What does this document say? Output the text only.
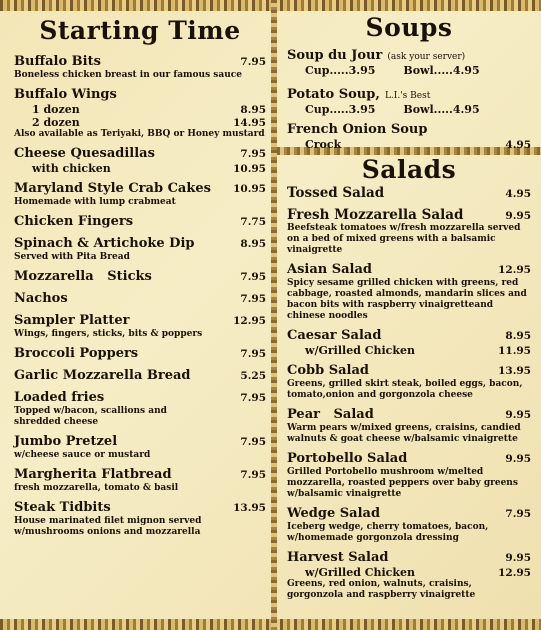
Starting Time
Buffalo Bits	7.95
Boneless chicken breast in our famous sauce
Buffalo Wings
1 dozen	8.95
2 dozen	14.95
Also available as Teriyaki, BBQ or Honey mustard
Cheese Quesadillas	7.95
with chicken	10.95
Maryland Style Crab Cakes 10.95
Homemade with lump crabmeat
Chicken Fingers	7.75
Spinach & Artichoke Dip	8.95
Served with Pita Bread
Mozzarella   Sticks	7.95
Nachos	7.95
Sampler Platter	12.95
Wings, fingers, sticks, bits & poppers
Broccoli Poppers	7.95
Garlic Mozzarella Bread	5.25
Loaded fries	7.95
Topped w/bacon, scallions and shredded cheese
Jumbo Pretzel	7.95
w/cheese sauce or mustard
Margherita Flatbread	7.95
fresh mozzarella, tomato & basil
Steak Tidbits	13.95
House marinated filet mignon served w/mushrooms onions and mozzarella
Soups
Soup du Jour
(ask your server)
Cup.....3.95	Bowl.....4.95
Potato Soup,
L.I.'s Best
Cup.....3.95	Bowl.....4.95
French Onion Soup
Crock	4.95
Salads
Tossed Salad	4.95
Fresh Mozzarella Salad	9.95
Beefsteak tomatoes w/fresh mozzarella served on a bed of mixed greens with a balsamic vinaigrette
Asian Salad	12.95
Spicy sesame grilled chicken with greens, red cabbage, roasted almonds, mandarin slices and bacon bits with raspberry vinaigretteand chinese noodles
Caesar Salad	8.95
w/Grilled Chicken	11.95
Cobb Salad	13.95
Greens, grilled skirt steak, boiled eggs, bacon, tomato,onion and gorgonzola cheese
Pear   Salad	9.95
Warm pears w/mixed greens, craisins, candied walnuts & goat cheese w/balsamic vinaigrette
Portobello Salad	9.95
Grilled Portobello mushroom w/melted mozzarella, roasted peppers over baby greens w/balsamic vinaigrette
Wedge Salad	7.95
Iceberg wedge, cherry tomatoes, bacon, w/homemade gorgonzola dressing
Harvest Salad	9.95
w/Grilled Chicken	12.95
Greens, red onion, walnuts, craisins, gorgonzola and raspberry vinaigrette
